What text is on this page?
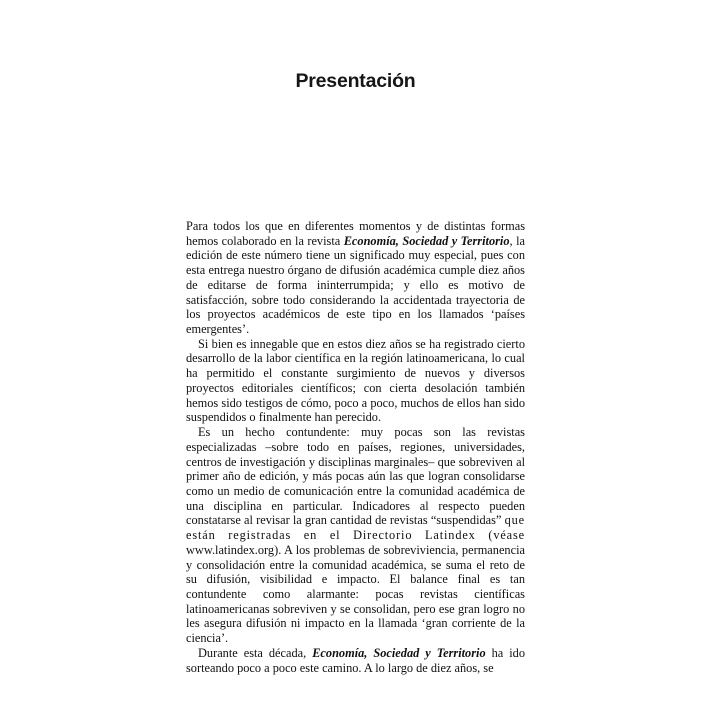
Presentación

Para todos los que en diferentes momentos y de distintas formas hemos colaborado en la revista Economía, Sociedad y Territorio, la edición de este número tiene un significado muy especial, pues con esta entrega nuestro órgano de difusión académica cumple diez años de editarse de forma ininterrumpida; y ello es motivo de satisfacción, sobre todo considerando la accidentada trayectoria de los proyectos académicos de este tipo en los llamados ‘países emergentes’.

Si bien es innegable que en estos diez años se ha registrado cierto desarrollo de la labor científica en la región latinoamericana, lo cual ha permitido el constante surgimiento de nuevos y diversos proyectos editoriales científicos; con cierta desolación también hemos sido testigos de cómo, poco a poco, muchos de ellos han sido suspendidos o finalmente han perecido.

Es un hecho contundente: muy pocas son las revistas especializadas –sobre todo en países, regiones, universidades, centros de investigación y disciplinas marginales– que sobreviven al primer año de edición, y más pocas aún las que logran consolidarse como un medio de comunicación entre la comunidad académica de una disciplina en particular. Indicadores al respecto pueden constatarse al revisar la gran cantidad de revistas “suspendidas” que están registradas en el Directorio Latindex (véase www.latindex.org). A los problemas de sobreviviencia, permanencia y consolidación entre la comunidad académica, se suma el reto de su difusión, visibilidad e impacto. El balance final es tan contundente como alarmante: pocas revistas científicas latinoamericanas sobreviven y se consolidan, pero ese gran logro no les asegura difusión ni impacto en la llamada ‘gran corriente de la ciencia’.

Durante esta década, Economía, Sociedad y Territorio ha ido sorteando poco a poco este camino. A lo largo de diez años, se
